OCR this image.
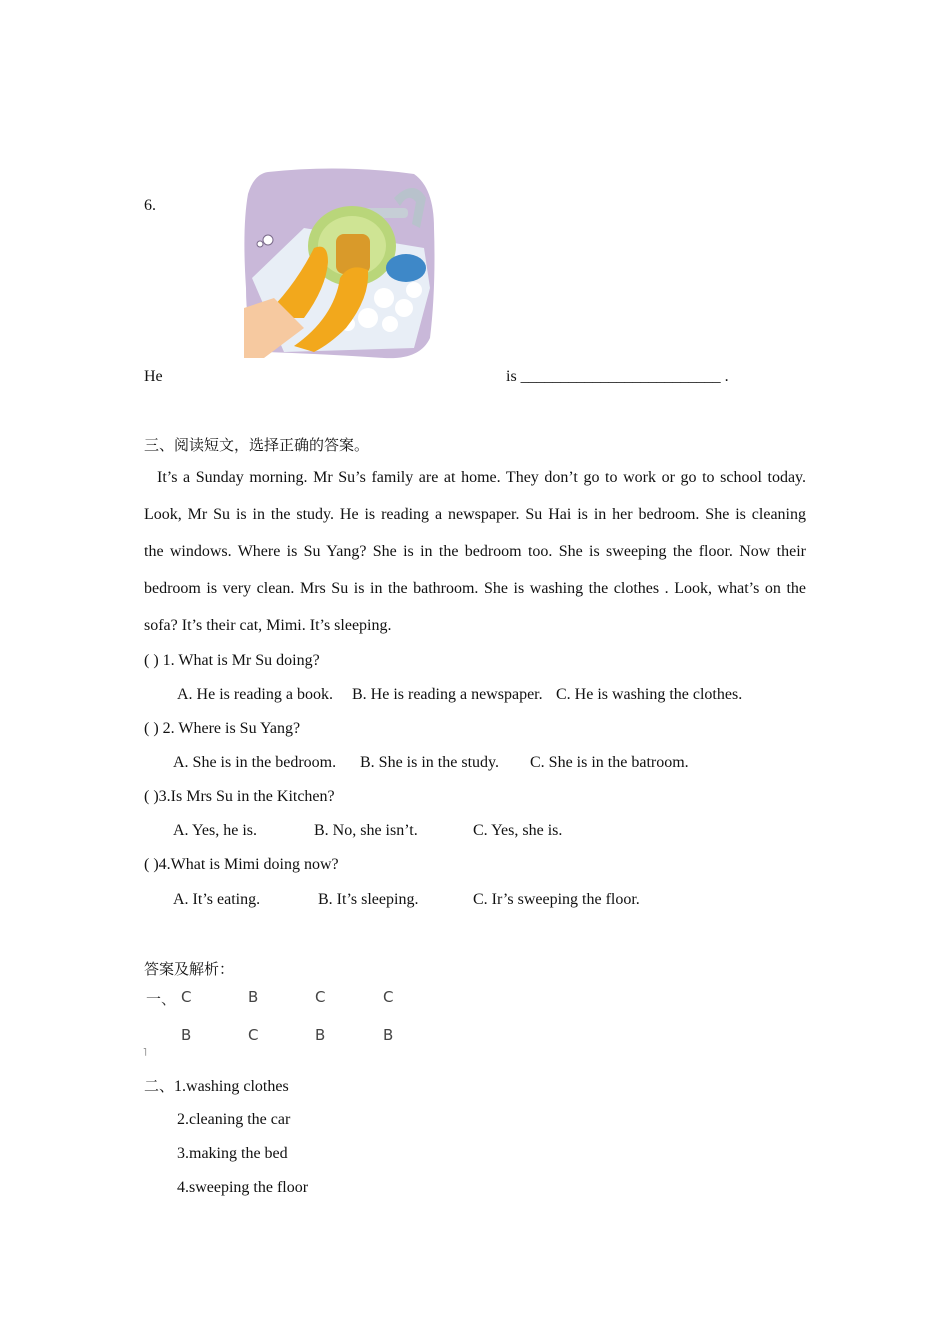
6.
He	is _________________________ .
三、阅读短文，选择正确的答案。
It’s a Sunday morning. Mr Su’s family are at home. They don’t go to work or go to school today.
Look, Mr Su is in the study. He is reading a newspaper. Su Hai is in her bedroom. She is cleaning
the windows. Where is Su Yang? She is in the bedroom too. She is sweeping the floor. Now their
bedroom is very clean. Mrs Su is in the bathroom. She is washing the clothes . Look, what’s on the
sofa? It’s their cat, Mimi. It’s sleeping.
( ) 1. What is Mr Su doing?
A. He is reading a book. B. He is reading a newspaper. C. He is washing the clothes.
( ) 2. Where is Su Yang?
A. She is in the bedroom. B. She is in the study. C. She is in the batroom.
( )3.Is Mrs Su in the Kitchen?
A. Yes, he is.	B. No, she isn’t.	C. Yes, she is.
( )4.What is Mimi doing now?
A. It’s eating.	B. It’s sleeping.	C. Ir’s sweeping the floor.
答案及解析：
一、 C	B	C	C
B	C	B	B
˥
二、1.washing clothes
2.cleaning the car
3.making the bed
4.sweeping the floor
